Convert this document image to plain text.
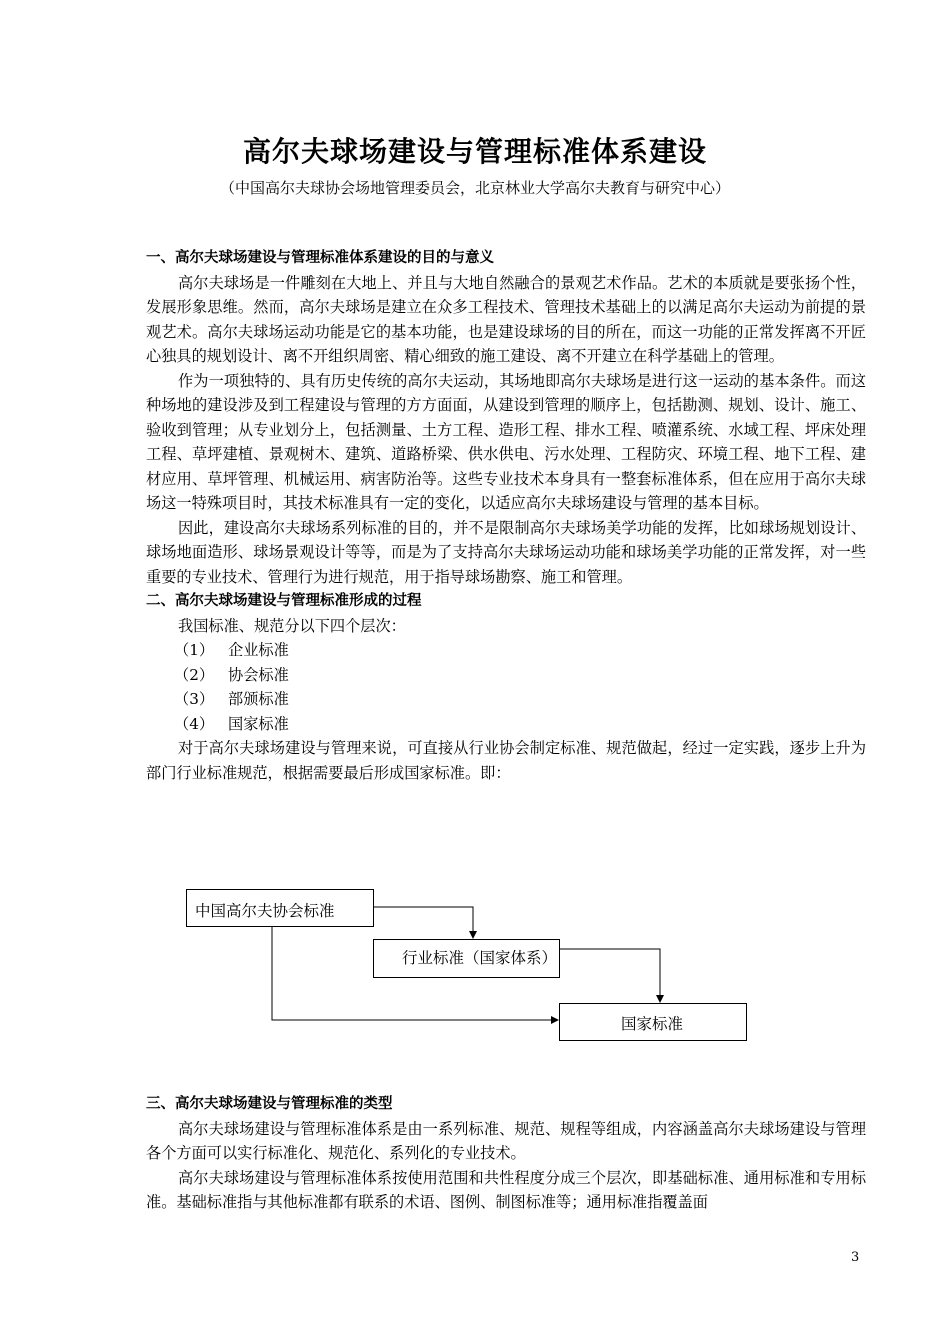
高尔夫球场建设与管理标准体系建设
（中国高尔夫球协会场地管理委员会，北京林业大学高尔夫教育与研究中心）
一、高尔夫球场建设与管理标准体系建设的目的与意义
高尔夫球场是一件雕刻在大地上、并且与大地自然融合的景观艺术作品。艺术的本质就是要张扬个性，发展形象思维。然而，高尔夫球场是建立在众多工程技术、管理技术基础上的以满足高尔夫运动为前提的景观艺术。高尔夫球场运动功能是它的基本功能，也是建设球场的目的所在，而这一功能的正常发挥离不开匠心独具的规划设计、离不开组织周密、精心细致的施工建设、离不开建立在科学基础上的管理。
作为一项独特的、具有历史传统的高尔夫运动，其场地即高尔夫球场是进行这一运动的基本条件。而这种场地的建设涉及到工程建设与管理的方方面面，从建设到管理的顺序上，包括勘测、规划、设计、施工、验收到管理；从专业划分上，包括测量、土方工程、造形工程、排水工程、喷灌系统、水域工程、坪床处理工程、草坪建植、景观树木、建筑、道路桥梁、供水供电、污水处理、工程防灾、环境工程、地下工程、建材应用、草坪管理、机械运用、病害防治等。这些专业技术本身具有一整套标准体系，但在应用于高尔夫球场这一特殊项目时，其技术标准具有一定的变化，以适应高尔夫球场建设与管理的基本目标。
因此，建设高尔夫球场系列标准的目的，并不是限制高尔夫球场美学功能的发挥，比如球场规划设计、球场地面造形、球场景观设计等等，而是为了支持高尔夫球场运动功能和球场美学功能的正常发挥，对一些重要的专业技术、管理行为进行规范，用于指导球场勘察、施工和管理。
二、高尔夫球场建设与管理标准形成的过程
我国标准、规范分以下四个层次：
（1） 企业标准
（2） 协会标准
（3） 部颁标准
（4） 国家标准
对于高尔夫球场建设与管理来说，可直接从行业协会制定标准、规范做起，经过一定实践，逐步上升为部门行业标准规范，根据需要最后形成国家标准。即：
中国高尔夫协会标准
行业标准（国家体系）
国家标准
三、高尔夫球场建设与管理标准的类型
高尔夫球场建设与管理标准体系是由一系列标准、规范、规程等组成，内容涵盖高尔夫球场建设与管理各个方面可以实行标准化、规范化、系列化的专业技术。
高尔夫球场建设与管理标准体系按使用范围和共性程度分成三个层次，即基础标准、通用标准和专用标准。基础标准指与其他标准都有联系的术语、图例、制图标准等；通用标准指覆盖面
3
